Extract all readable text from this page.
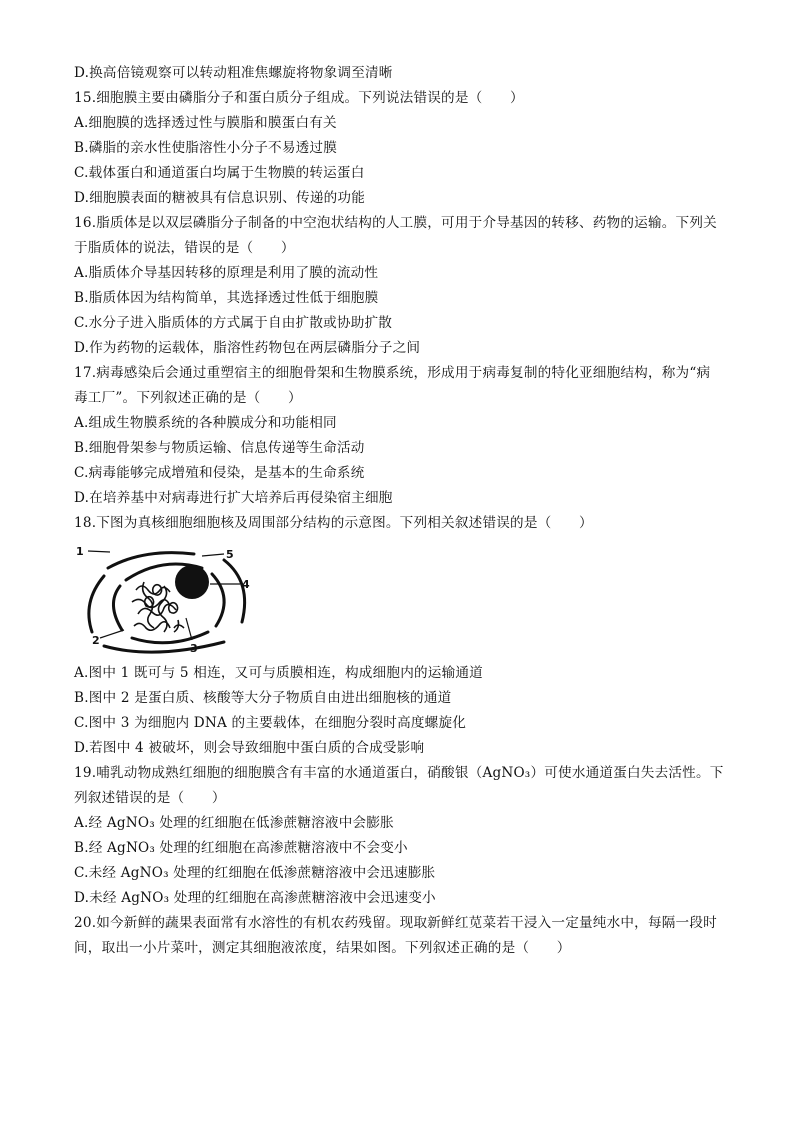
D.换高倍镜观察可以转动粗准焦螺旋将物象调至清晰
15.细胞膜主要由磷脂分子和蛋白质分子组成。下列说法错误的是（　　）
A.细胞膜的选择透过性与膜脂和膜蛋白有关
B.磷脂的亲水性使脂溶性小分子不易透过膜
C.载体蛋白和通道蛋白均属于生物膜的转运蛋白
D.细胞膜表面的糖被具有信息识别、传递的功能
16.脂质体是以双层磷脂分子制备的中空泡状结构的人工膜，可用于介导基因的转移、药物的运输。下列关
于脂质体的说法，错误的是（　　）
A.脂质体介导基因转移的原理是利用了膜的流动性
B.脂质体因为结构简单，其选择透过性低于细胞膜
C.水分子进入脂质体的方式属于自由扩散或协助扩散
D.作为药物的运载体，脂溶性药物包在两层磷脂分子之间
17.病毒感染后会通过重塑宿主的细胞骨架和生物膜系统，形成用于病毒复制的特化亚细胞结构，称为“病
毒工厂”。下列叙述正确的是（　　）
A.组成生物膜系统的各种膜成分和功能相同
B.细胞骨架参与物质运输、信息传递等生命活动
C.病毒能够完成增殖和侵染，是基本的生命系统
D.在培养基中对病毒进行扩大培养后再侵染宿主细胞
18.下图为真核细胞细胞核及周围部分结构的示意图。下列相关叙述错误的是（　　）
1	5
4
2
3
A.图中 1 既可与 5 相连，又可与质膜相连，构成细胞内的运输通道
B.图中 2 是蛋白质、核酸等大分子物质自由进出细胞核的通道
C.图中 3 为细胞内 DNA 的主要载体，在细胞分裂时高度螺旋化
D.若图中 4 被破坏，则会导致细胞中蛋白质的合成受影响
19.哺乳动物成熟红细胞的细胞膜含有丰富的水通道蛋白，硝酸银（AgNO₃）可使水通道蛋白失去活性。下
列叙述错误的是（　　）
A.经 AgNO₃ 处理的红细胞在低渗蔗糖溶液中会膨胀
B.经 AgNO₃ 处理的红细胞在高渗蔗糖溶液中不会变小
C.未经 AgNO₃ 处理的红细胞在低渗蔗糖溶液中会迅速膨胀
D.未经 AgNO₃ 处理的红细胞在高渗蔗糖溶液中会迅速变小
20.如今新鲜的蔬果表面常有水溶性的有机农药残留。现取新鲜红苋菜若干浸入一定量纯水中，每隔一段时
间，取出一小片菜叶，测定其细胞液浓度，结果如图。下列叙述正确的是（　　）
